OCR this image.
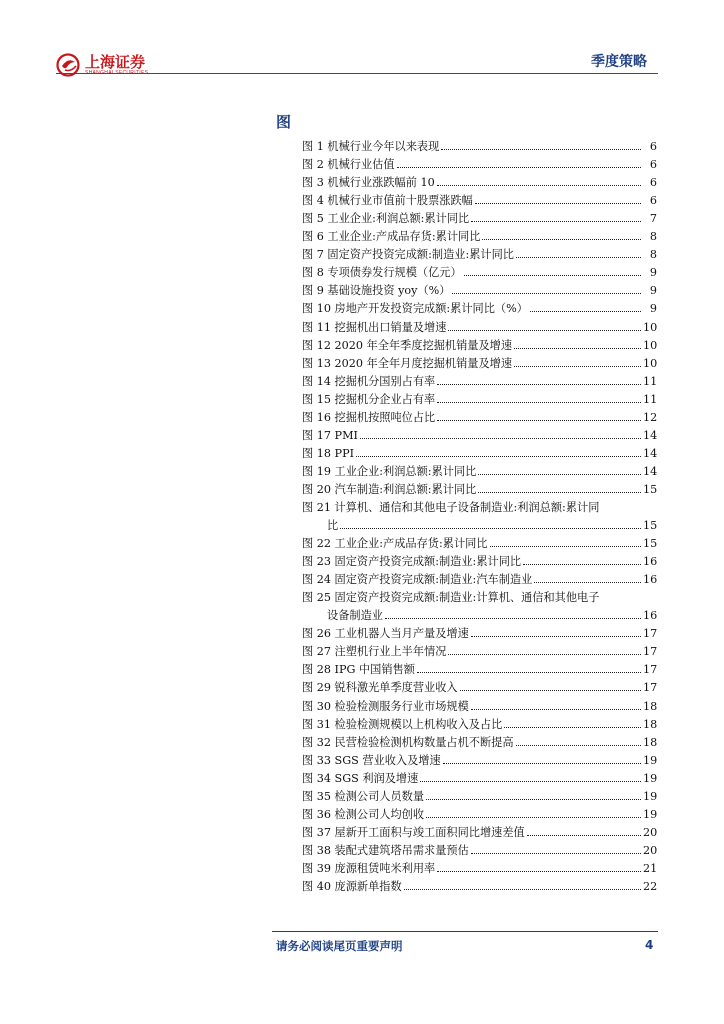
上海证券
SHANGHAI SECURITIES
季度策略
图
图 1 机械行业今年以来表现	6
图 2 机械行业估值	6
图 3 机械行业涨跌幅前 10	6
图 4 机械行业市值前十股票涨跌幅	6
图 5 工业企业:利润总额:累计同比	7
图 6 工业企业:产成品存货:累计同比	8
图 7 固定资产投资完成额:制造业:累计同比	8
图 8 专项债券发行规模（亿元）	9
图 9 基础设施投资 yoy（%）	9
图 10 房地产开发投资完成额:累计同比（%）	9
图 11 挖掘机出口销量及增速	10
图 12 2020 年全年季度挖掘机销量及增速	10
图 13 2020 年全年月度挖掘机销量及增速	10
图 14 挖掘机分国别占有率	11
图 15 挖掘机分企业占有率	11
图 16 挖掘机按照吨位占比	12
图 17 PMI	14
图 18 PPI	14
图 19 工业企业:利润总额:累计同比	14
图 20 汽车制造:利润总额:累计同比	15
图 21 计算机、通信和其他电子设备制造业:利润总额:累计同
比	15
图 22 工业企业:产成品存货:累计同比	15
图 23 固定资产投资完成额:制造业:累计同比	16
图 24 固定资产投资完成额:制造业:汽车制造业	16
图 25 固定资产投资完成额:制造业:计算机、通信和其他电子
设备制造业	16
图 26 工业机器人当月产量及增速	17
图 27 注塑机行业上半年情况	17
图 28 IPG 中国销售额	17
图 29 锐科激光单季度营业收入	17
图 30 检验检测服务行业市场规模	18
图 31 检验检测规模以上机构收入及占比	18
图 32 民营检验检测机构数量占机不断提高	18
图 33 SGS 营业收入及增速	19
图 34 SGS 利润及增速	19
图 35 检测公司人员数量	19
图 36 检测公司人均创收	19
图 37 屋新开工面积与竣工面积同比增速差值	20
图 38 装配式建筑塔吊需求量预估	20
图 39 庞源租赁吨米利用率	21
图 40 庞源新单指数	22
请务必阅读尾页重要声明	4
